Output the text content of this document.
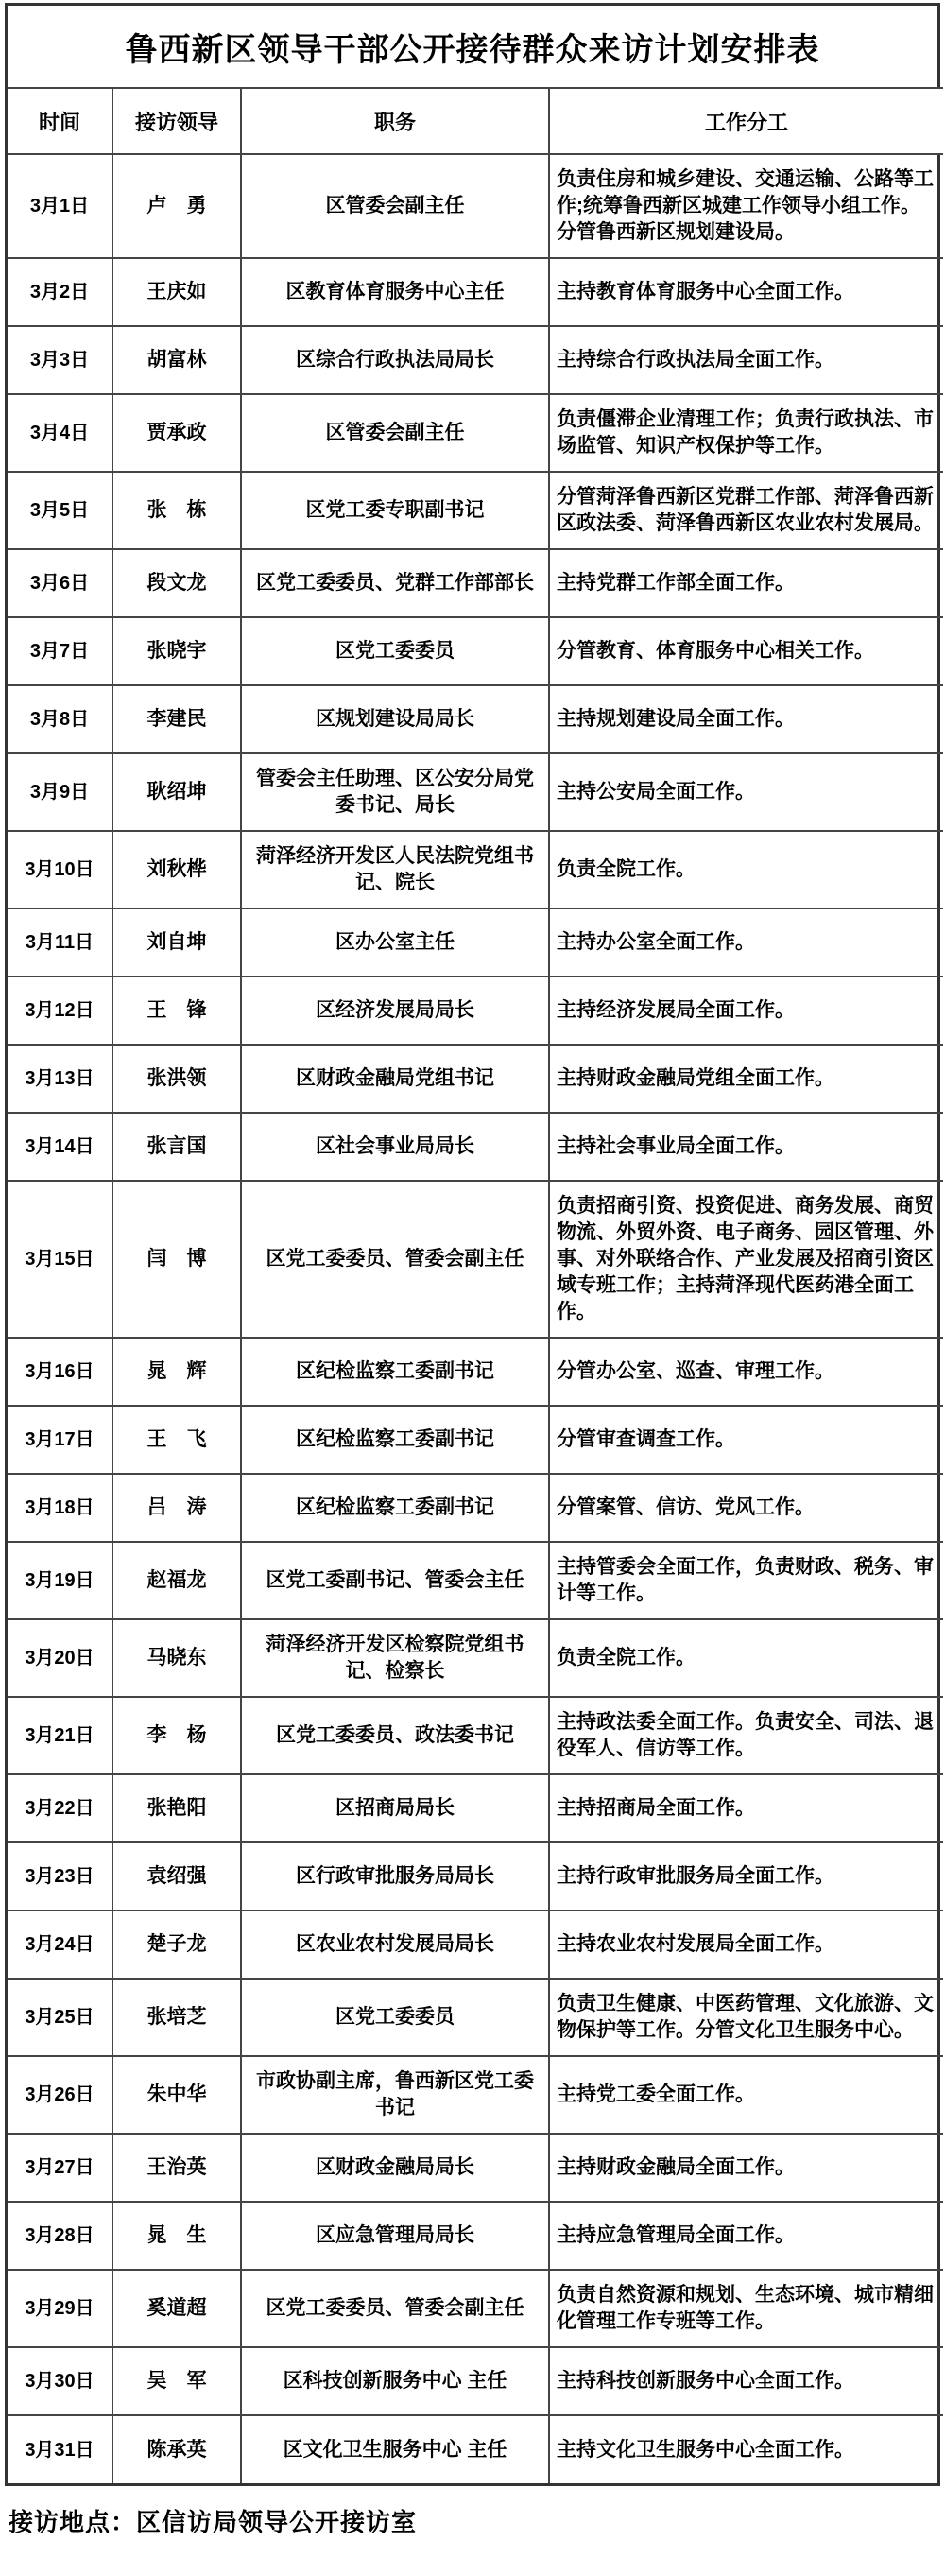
鲁西新区领导干部公开接待群众来访计划安排表
时间	接访领导	职务	工作分工
3月1日	卢　勇	区管委会副主任	负责住房和城乡建设、交通运输、公路等工作;统筹鲁西新区城建工作领导小组工作。分管鲁西新区规划建设局。
3月2日	王庆如	区教育体育服务中心主任	主持教育体育服务中心全面工作。
3月3日	胡富林	区综合行政执法局局长	主持综合行政执法局全面工作。
3月4日	贾承政	区管委会副主任	负责僵滞企业清理工作；负责行政执法、市场监管、知识产权保护等工作。
3月5日	张　栋	区党工委专职副书记	分管菏泽鲁西新区党群工作部、菏泽鲁西新区政法委、菏泽鲁西新区农业农村发展局。
3月6日	段文龙	区党工委委员、党群工作部部长	主持党群工作部全面工作。
3月7日	张晓宇	区党工委委员	分管教育、体育服务中心相关工作。
3月8日	李建民	区规划建设局局长	主持规划建设局全面工作。
3月9日	耿绍坤	管委会主任助理、区公安分局党委书记、局长	主持公安局全面工作。
3月10日	刘秋桦	菏泽经济开发区人民法院党组书记、院长	负责全院工作。
3月11日	刘自坤	区办公室主任	主持办公室全面工作。
3月12日	王　锋	区经济发展局局长	主持经济发展局全面工作。
3月13日	张洪领	区财政金融局党组书记	主持财政金融局党组全面工作。
3月14日	张言国	区社会事业局局长	主持社会事业局全面工作。
3月15日	闫　博	区党工委委员、管委会副主任	负责招商引资、投资促进、商务发展、商贸物流、外贸外资、电子商务、园区管理、外事、对外联络合作、产业发展及招商引资区域专班工作；主持菏泽现代医药港全面工作。
3月16日	晁　辉	区纪检监察工委副书记	分管办公室、巡查、审理工作。
3月17日	王　飞	区纪检监察工委副书记	分管审查调查工作。
3月18日	吕　涛	区纪检监察工委副书记	分管案管、信访、党风工作。
3月19日	赵福龙	区党工委副书记、管委会主任	主持管委会全面工作，负责财政、税务、审计等工作。
3月20日	马晓东	菏泽经济开发区检察院党组书记、检察长	负责全院工作。
3月21日	李　杨	区党工委委员、政法委书记	主持政法委全面工作。负责安全、司法、退役军人、信访等工作。
3月22日	张艳阳	区招商局局长	主持招商局全面工作。
3月23日	袁绍强	区行政审批服务局局长	主持行政审批服务局全面工作。
3月24日	楚子龙	区农业农村发展局局长	主持农业农村发展局全面工作。
3月25日	张培芝	区党工委委员	负责卫生健康、中医药管理、文化旅游、文物保护等工作。分管文化卫生服务中心。
3月26日	朱中华	市政协副主席，鲁西新区党工委书记	主持党工委全面工作。
3月27日	王治英	区财政金融局局长	主持财政金融局全面工作。
3月28日	晁　生	区应急管理局局长	主持应急管理局全面工作。
3月29日	奚道超	区党工委委员、管委会副主任	负责自然资源和规划、生态环境、城市精细化管理工作专班等工作。
3月30日	吴　军	区科技创新服务中心 主任	主持科技创新服务中心全面工作。
3月31日	陈承英	区文化卫生服务中心 主任	主持文化卫生服务中心全面工作。
接访地点：区信访局领导公开接访室
